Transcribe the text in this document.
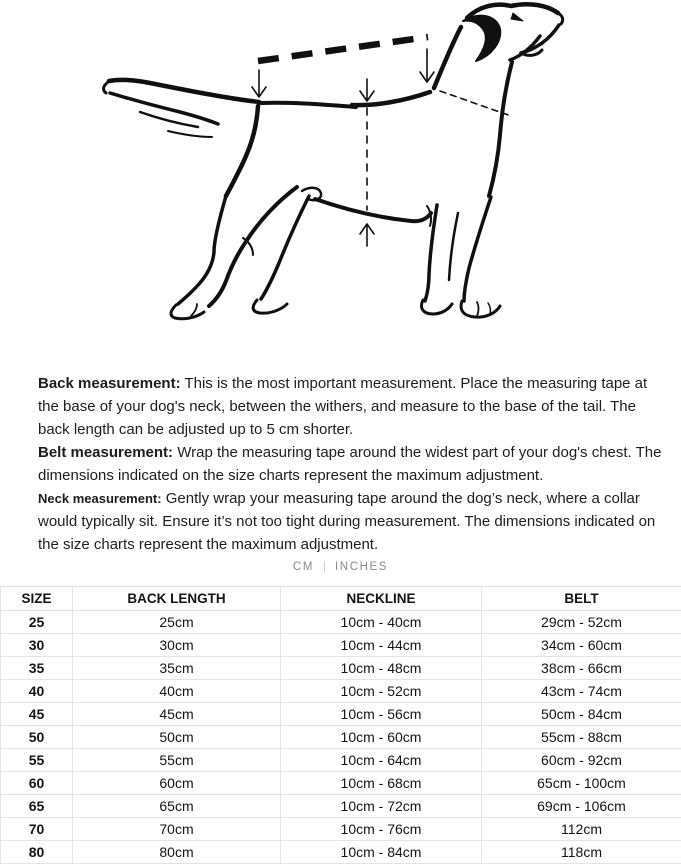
Back measurement: This is the most important measurement. Place the measuring tape at the base of your dog's neck, between the withers, and measure to the base of the tail. The back length can be adjusted up to 5 cm shorter.

Belt measurement: Wrap the measuring tape around the widest part of your dog's chest. The dimensions indicated on the size charts represent the maximum adjustment.

Neck measurement: Gently wrap your measuring tape around the dog’s neck, where a collar would typically sit. Ensure it’s not too tight during measurement. The dimensions indicated on the size charts represent the maximum adjustment.

CM | INCHES
SIZE	BACK LENGTH	NECKLINE	BELT
25	25cm	10cm - 40cm	29cm - 52cm
30	30cm	10cm - 44cm	34cm - 60cm
35	35cm	10cm - 48cm	38cm - 66cm
40	40cm	10cm - 52cm	43cm - 74cm
45	45cm	10cm - 56cm	50cm - 84cm
50	50cm	10cm - 60cm	55cm - 88cm
55	55cm	10cm - 64cm	60cm - 92cm
60	60cm	10cm - 68cm	65cm - 100cm
65	65cm	10cm - 72cm	69cm - 106cm
70	70cm	10cm - 76cm	112cm
80	80cm	10cm - 84cm	118cm
